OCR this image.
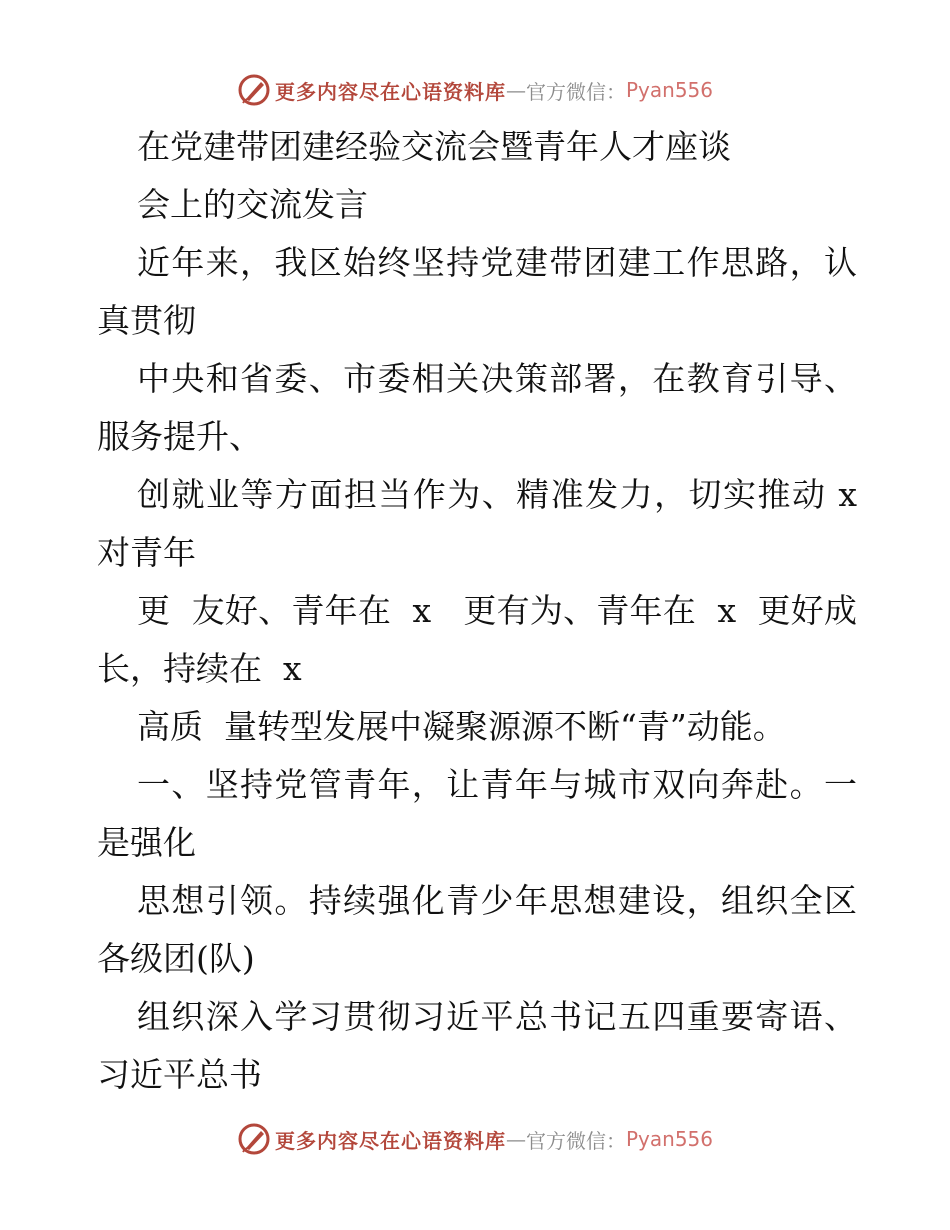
更多内容尽在心语资料库 — 官方微信： Pyan556
在党建带团建经验交流会暨青年人才座谈
会上的交流发言
近年来，我区始终坚持党建带团建工作思路，认
真贯彻
中央和省委、市委相关决策部署，在教育引导、
服务提升、
创就业等方面担当作为、精准发力，切实推动 x
对青年
更  友好、青年在  x   更有为、青年在  x  更好成
长，持续在  x
高质  量转型发展中凝聚源源不断“青”动能。
一、坚持党管青年，让青年与城市双向奔赴。一
是强化
思想引领。持续强化青少年思想建设，组织全区
各级团(队)
组织深入学习贯彻习近平总书记五四重要寄语、
习近平总书
更多内容尽在心语资料库 — 官方微信： Pyan556
